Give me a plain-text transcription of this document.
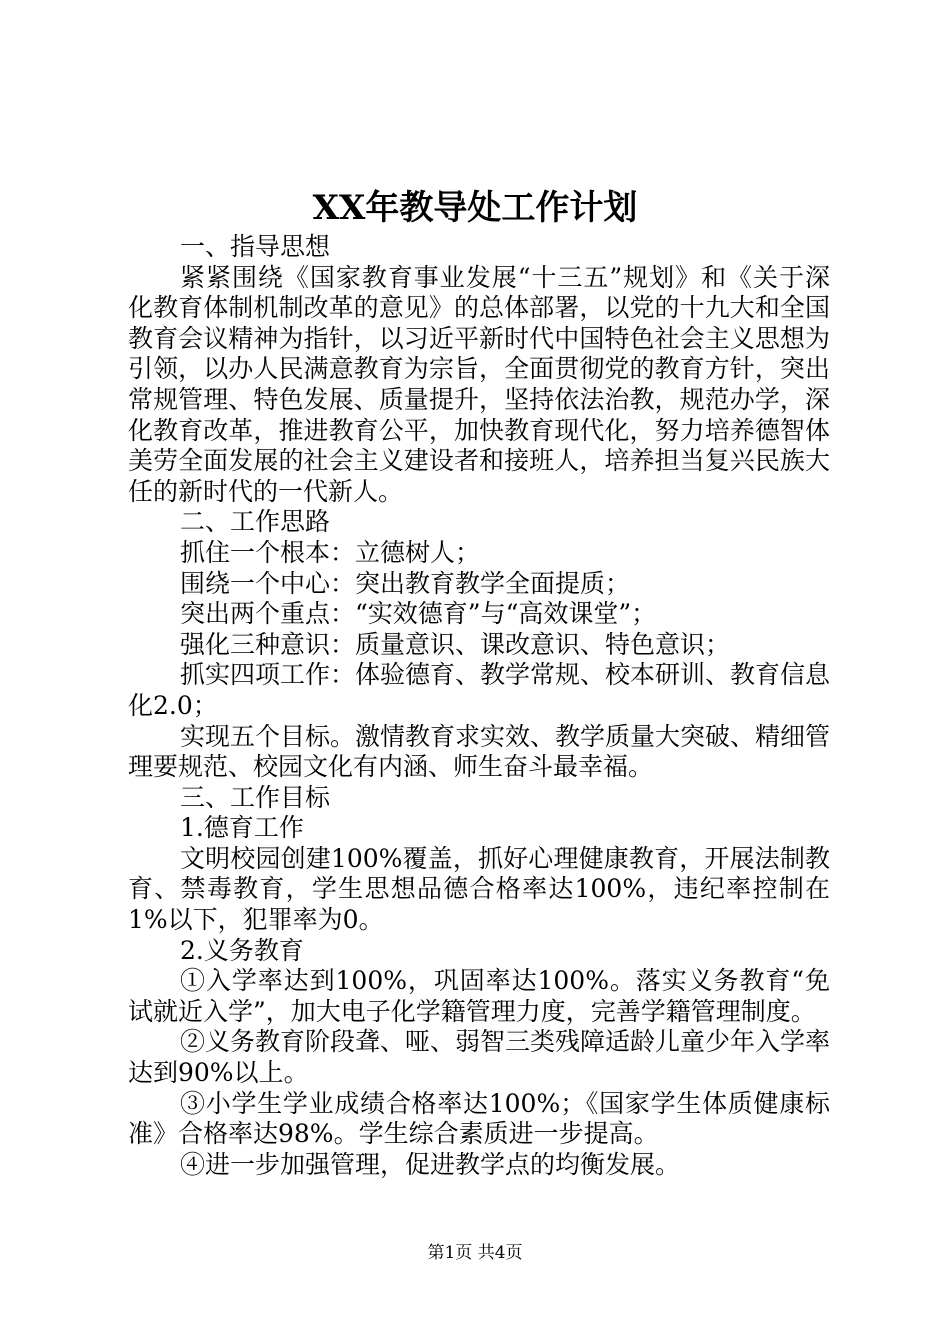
XX年教导处工作计划

一、指导思想

紧紧围绕《国家教育事业发展“十三五”规划》和《关于深化教育体制机制改革的意见》的总体部署，以党的十九大和全国教育会议精神为指针，以习近平新时代中国特色社会主义思想为引领，以办人民满意教育为宗旨，全面贯彻党的教育方针，突出常规管理、特色发展、质量提升，坚持依法治教，规范办学，深化教育改革，推进教育公平，加快教育现代化，努力培养德智体美劳全面发展的社会主义建设者和接班人，培养担当复兴民族大任的新时代的一代新人。

二、工作思路

抓住一个根本：立德树人；

围绕一个中心：突出教育教学全面提质；

突出两个重点：“实效德育”与“高效课堂”；

强化三种意识：质量意识、课改意识、特色意识；

抓实四项工作：体验德育、教学常规、校本研训、教育信息化2.0；

实现五个目标。激情教育求实效、教学质量大突破、精细管理要规范、校园文化有内涵、师生奋斗最幸福。

三、工作目标

1.德育工作

文明校园创建100%覆盖，抓好心理健康教育，开展法制教育、禁毒教育，学生思想品德合格率达100%，违纪率控制在1%以下，犯罪率为0。

2.义务教育

①入学率达到100%，巩固率达100%。落实义务教育“免试就近入学”，加大电子化学籍管理力度，完善学籍管理制度。

②义务教育阶段聋、哑、弱智三类残障适龄儿童少年入学率达到90%以上。

③小学生学业成绩合格率达100%；《国家学生体质健康标准》合格率达98%。学生综合素质进一步提高。

④进一步加强管理，促进教学点的均衡发展。

第1页 共4页
